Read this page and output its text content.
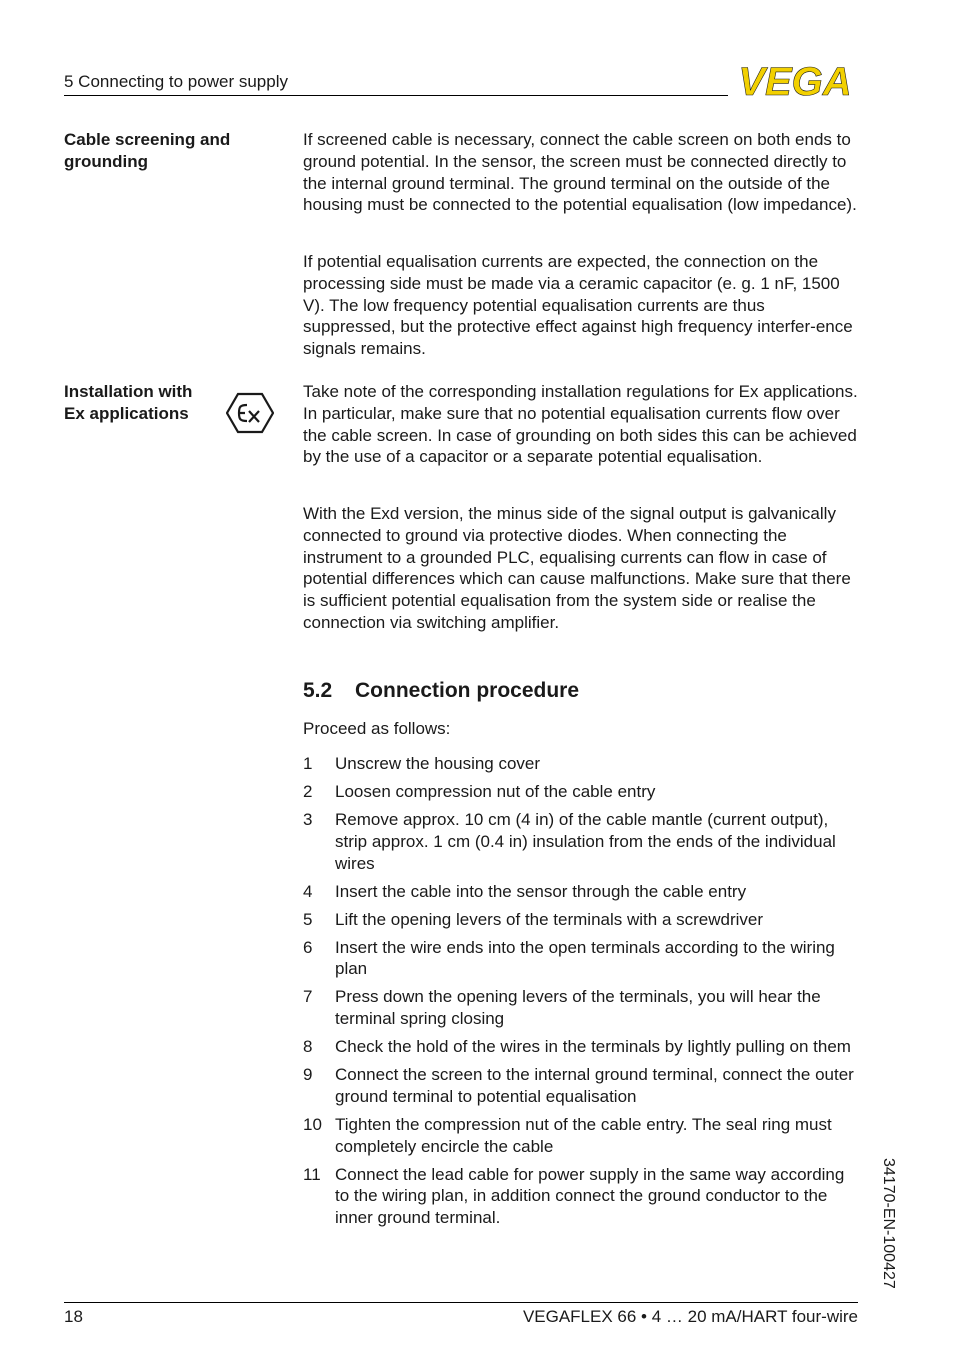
5 Connecting to power supply	VEGA
Cable screening and
grounding

If screened cable is necessary, connect the cable screen on both ends to ground potential. In the sensor, the screen must be connected directly to the internal ground terminal. The ground terminal on the outside of the housing must be connected to the potential equalisation (low impedance).

If potential equalisation currents are expected, the connection on the processing side must be made via a ceramic capacitor (e. g. 1 nF, 1500 V). The low frequency potential equalisation currents are thus suppressed, but the protective effect against high frequency interfer-ence signals remains.

Installation with
Ex applications

Take note of the corresponding installation regulations for Ex applications. In particular, make sure that no potential equalisation currents flow over the cable screen. In case of grounding on both sides this can be achieved by the use of a capacitor or a separate potential equalisation.

With the Exd version, the minus side of the signal output is galvanically connected to ground via protective diodes. When connecting the instrument to a grounded PLC, equalising currents can flow in case of potential differences which can cause malfunctions. Make sure that there is sufficient potential equalisation from the system side or realise the connection via switching amplifier.

5.2 Connection procedure
Proceed as follows:
1	Unscrew the housing cover
2	Loosen compression nut of the cable entry
3	Remove approx. 10 cm (4 in) of the cable mantle (current output), strip approx. 1 cm (0.4 in) insulation from the ends of the individual wires
4	Insert the cable into the sensor through the cable entry
5	Lift the opening levers of the terminals with a screwdriver
6	Insert the wire ends into the open terminals according to the wiring plan
7	Press down the opening levers of the terminals, you will hear the terminal spring closing
8	Check the hold of the wires in the terminals by lightly pulling on them
9	Connect the screen to the internal ground terminal, connect the outer ground terminal to potential equalisation
10 Tighten the compression nut of the cable entry. The seal ring must completely encircle the cable
11 Connect the lead cable for power supply in the same way according to the wiring plan, in addition connect the ground conductor to the inner ground terminal.	34170-EN-100427
18	VEGAFLEX 66 • 4 … 20 mA/HART four-wire
